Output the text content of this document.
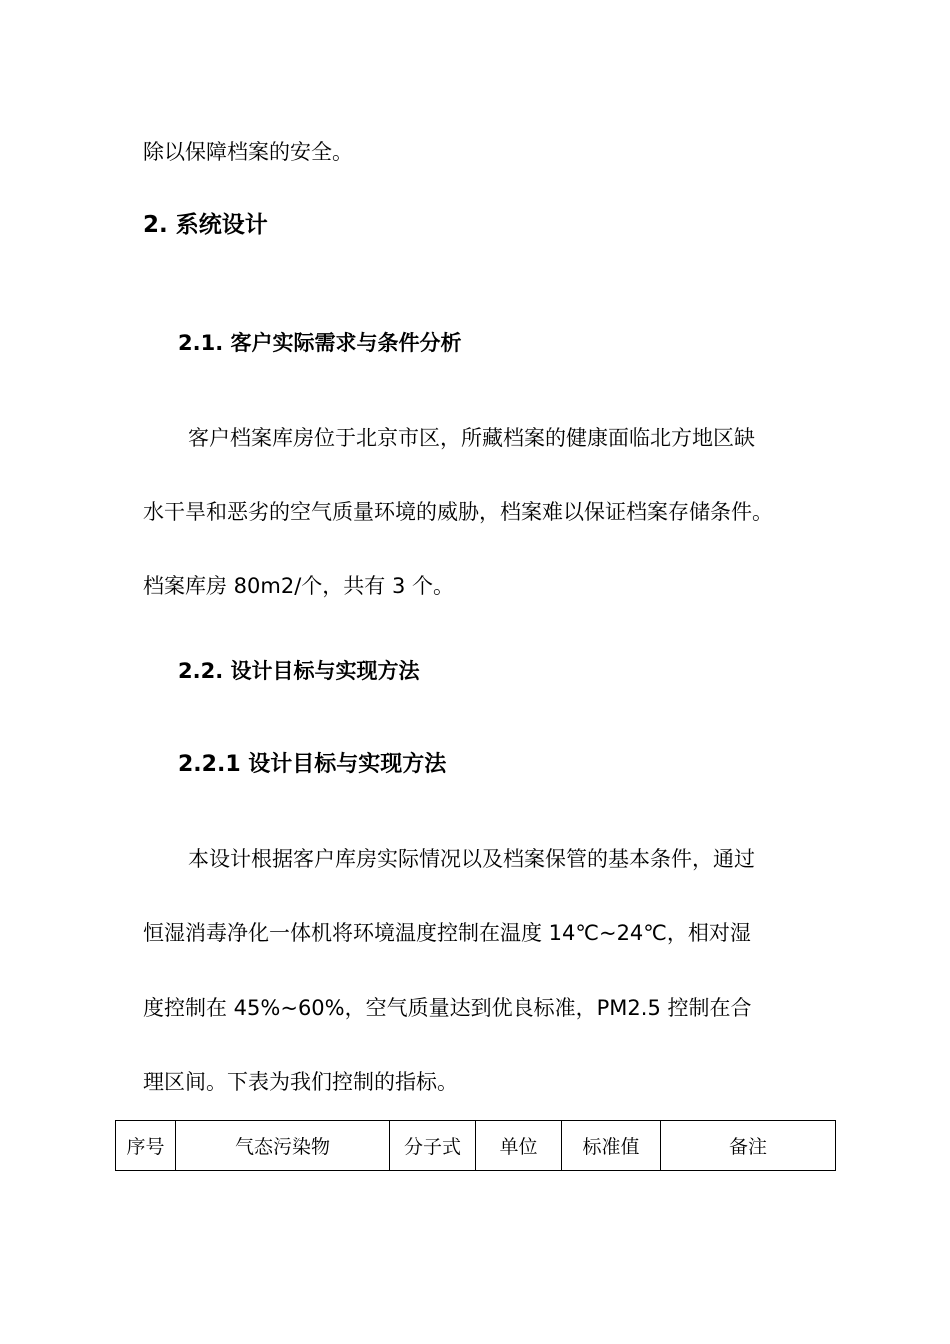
除以保障档案的安全。
2. 系统设计
2.1. 客户实际需求与条件分析
客户档案库房位于北京市区，所藏档案的健康面临北方地区缺
水干旱和恶劣的空气质量环境的威胁，档案难以保证档案存储条件。
档案库房 80m2/个，共有 3 个。
2.2. 设计目标与实现方法
2.2.1 设计目标与实现方法
本设计根据客户库房实际情况以及档案保管的基本条件，通过
恒湿消毒净化一体机将环境温度控制在温度 14℃~24℃，相对湿
度控制在 45%~60%，空气质量达到优良标准，PM2.5 控制在合
理区间。下表为我们控制的指标。
序号	气态污染物	分子式	单位	标准值	备注
